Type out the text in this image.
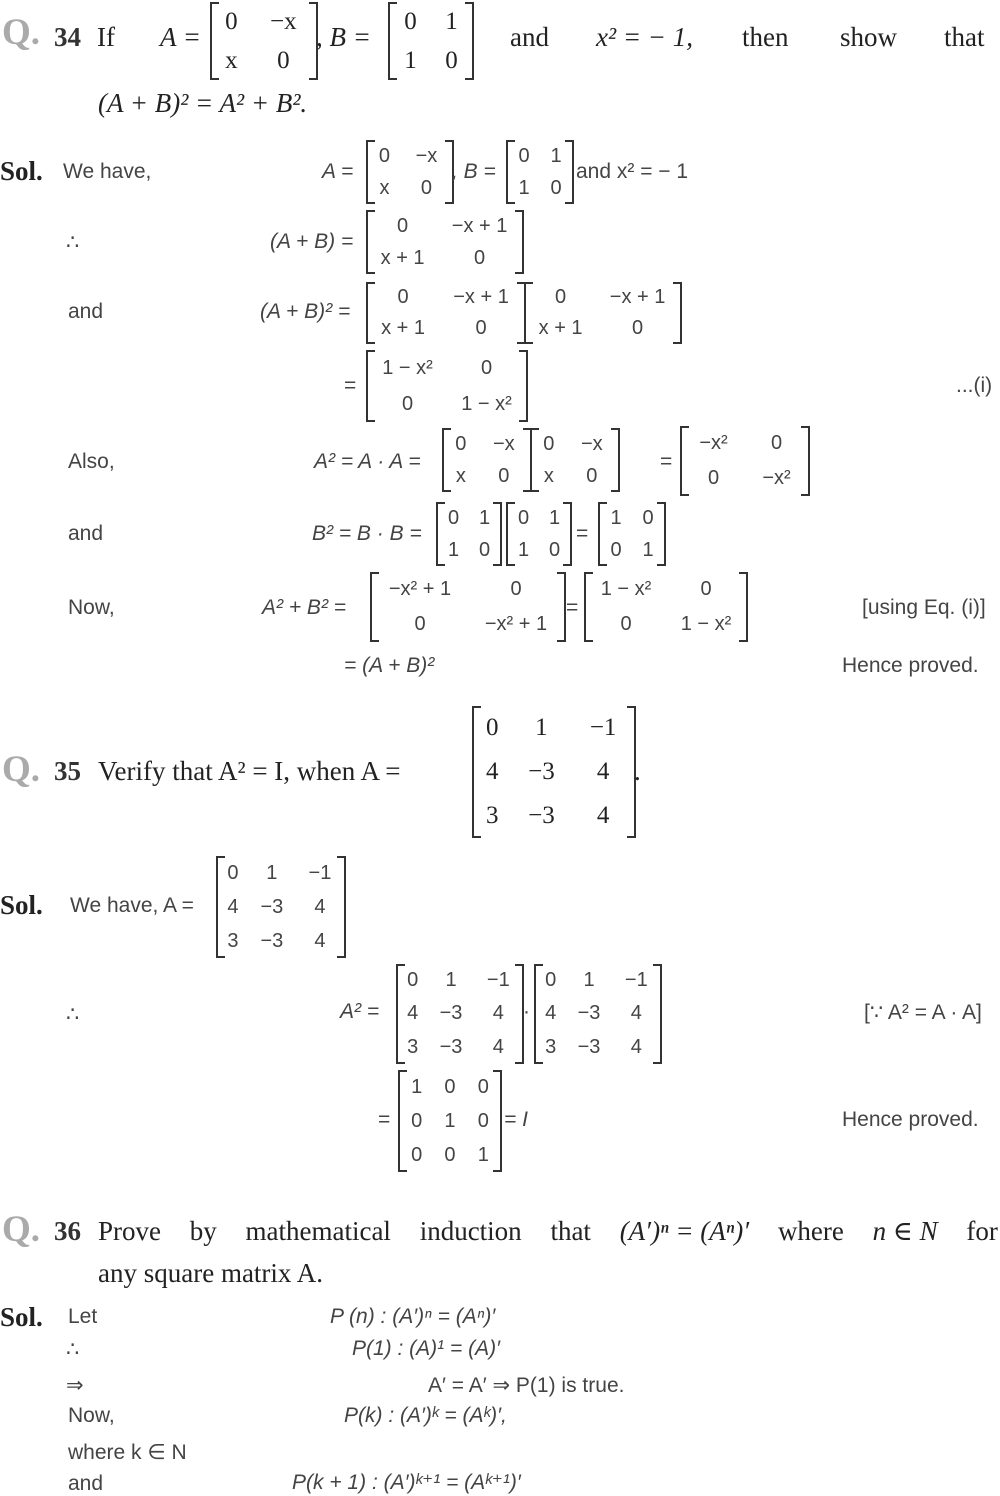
Q. 34 If A =	, B =	and x² = − 1, then show that
0	−x
x	0
0	1
1	0
(A + B)² = A² + B².
Sol. We have,	A =
0	−x
x	0
, B =
0	1
1	0
and x² = − 1
∴	(A + B) =
0	−x + 1
x + 1	0
and	(A + B)² =
0	−x + 1
x + 1	0
0	−x + 1
x + 1	0
=
1 − x²	0
0	1 − x²
...(i)
Also,	A² = A · A =
0	−x
x	0
0	−x
x	0
=
−x²	0
0	−x²
and	B² = B · B =
0	1
1	0
0	1
1	0
=
1	0
0	1
Now,	A² + B² =
−x² + 1	0
0	−x² + 1
=
1 − x²	0
0	1 − x²
[using Eq. (i)]
= (A + B)²	Hence proved.
Q. 35 Verify that A² = I, when A =
0	1	−1
4	−3	4
3	−3	4
.
Sol. We have, A =
0	1	−1
4	−3	4
3	−3	4
∴	A² =
0	1	−1
4	−3	4
3	−3	4
·
0	1	−1
4	−3	4
3	−3	4
[∵ A² = A · A]
=
1	0	0
0	1	0
0	0	1
= I	Hence proved.
Q. 36 Prove by mathematical induction that (A′)ⁿ = (Aⁿ)′ where n ∈ N for
any square matrix A.
Sol. Let	P (n) : (A′)ⁿ = (Aⁿ)′
∴	P(1) : (A)¹ = (A)′
⇒	A′ = A′ ⇒ P(1) is true.
Now,	P(k) : (A′)ᵏ = (Aᵏ)′,
where k ∈ N
and	P(k + 1) : (A′)ᵏ⁺¹ = (Aᵏ⁺¹)′
